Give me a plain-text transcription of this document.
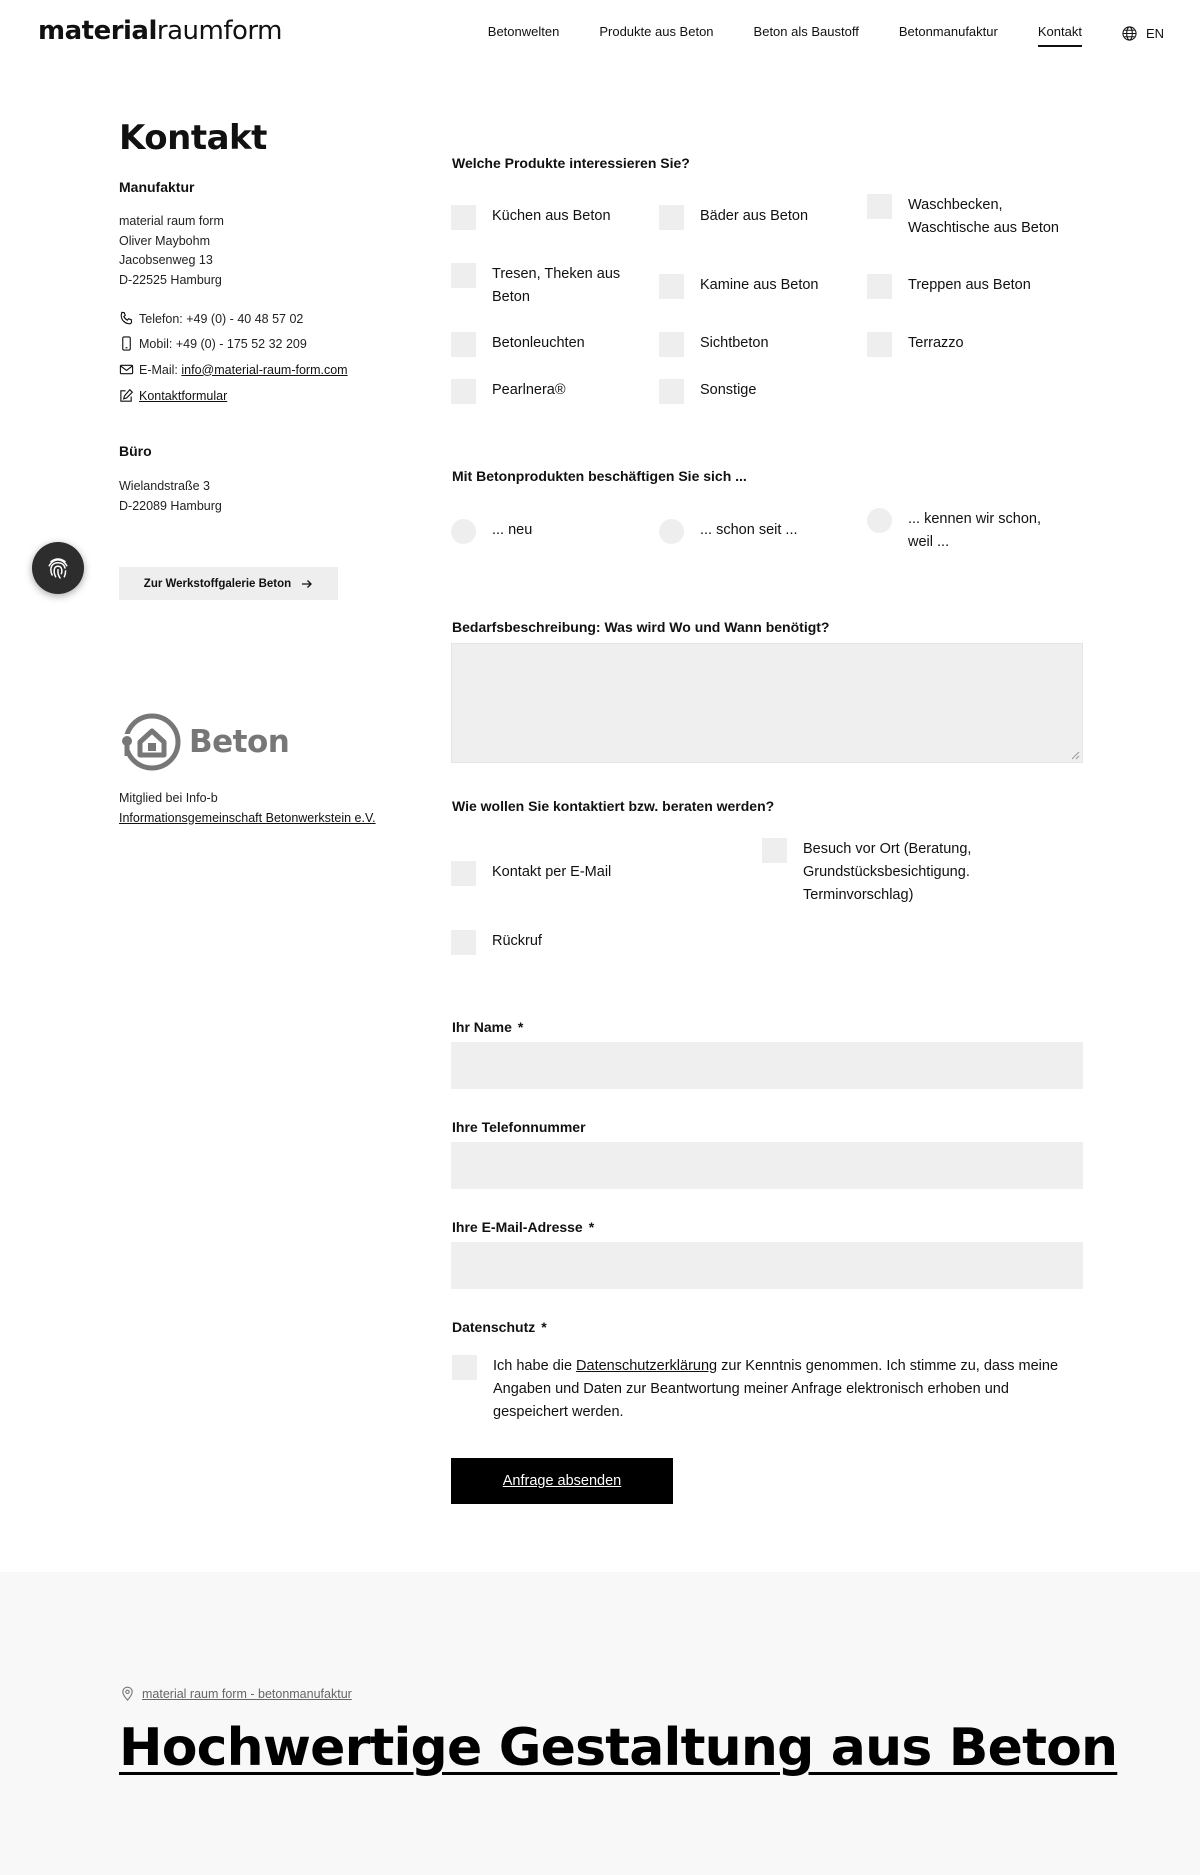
materialraumform	Betonwelten	Produkte aus Beton	Beton als Baustoff	Betonmanufaktur	Kontakt	EN
Kontakt
Manufaktur
material raum form
Oliver Maybohm
Jacobsenweg 13
D-22525 Hamburg
Telefon: +49 (0) - 40 48 57 02
Mobil: +49 (0) - 175 52 32 209
E-Mail:
info@material-raum-form.com
Kontaktformular
Büro
Wielandstraße 3
D-22089 Hamburg
Zur Werkstoffgalerie Beton
Beton
Mitglied bei Info-b
Informationsgemeinschaft Betonwerkstein e.V.
Welche Produkte interessieren Sie?
Küchen aus Beton	Bäder aus Beton
Waschbecken, Waschtische aus Beton
Tresen, Theken aus Beton
Kamine aus Beton	Treppen aus Beton
Betonleuchten	Sichtbeton	Terrazzo
Pearlnera®	Sonstige
Mit Betonprodukten beschäftigen Sie sich ...
... neu	... schon seit ...
... kennen wir schon, weil ...
Bedarfsbeschreibung: Was wird Wo und Wann benötigt?
Wie wollen Sie kontaktiert bzw. beraten werden?
Kontakt per E-Mail
Besuch vor Ort (Beratung, Grundstücksbesichtigung. Terminvorschlag)
Rückruf
Ihr Name *
Ihre Telefonnummer
Ihre E-Mail-Adresse *
Datenschutz *

Ich habe die Datenschutzerklärung zur Kenntnis genommen. Ich stimme zu, dass meine Angaben und Daten zur Beantwortung meiner Anfrage elektronisch erhoben und gespeichert werden.

Anfrage absenden
material raum form - betonmanufaktur
Hochwertige Gestaltung aus Beton
